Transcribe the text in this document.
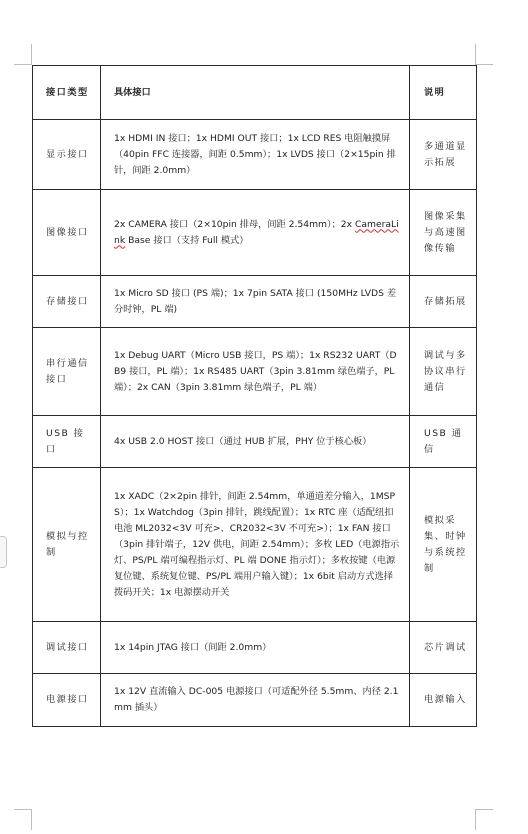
接口类型	具体接口	说明
显示接口	1x HDMI IN 接口；1x HDMI OUT 接口；1x LCD RES 电阻触摸屏（40pin FFC 连接器，间距 0.5mm）；1x LVDS 接口（2×15pin 排针，间距 2.0mm）	多通道显示拓展
图像接口	2x CAMERA 接口（2×10pin 排母，间距 2.54mm）；2x CameraLink Base 接口（支持 Full 模式）	图像采集与高速图像传输
存储接口	1x Micro SD 接口 (PS 端)；1x 7pin SATA 接口 (150MHz LVDS 差分时钟，PL 端)	存储拓展
串行通信接口	1x Debug UART（Micro USB 接口，PS 端）；1x RS232 UART（DB9 接口，PL 端）；1x RS485 UART（3pin 3.81mm 绿色端子，PL 端）；2x CAN（3pin 3.81mm 绿色端子，PL 端）	调试与多协议串行通信
USB 接口	4x USB 2.0 HOST 接口（通过 HUB 扩展，PHY 位于核心板）	USB 通信
模拟与控制	1x XADC（2×2pin 排针，间距 2.54mm，单通道差分输入，1MSPS）；1x Watchdog（3pin 排针，跳线配置）；1x RTC 座（适配纽扣电池 ML2032<3V 可充>、CR2032<3V 不可充>）；1x FAN 接口（3pin 排针端子，12V 供电，间距 2.54mm）；多枚 LED（电源指示灯、PS/PL 端可编程指示灯、PL 端 DONE 指示灯）；多枚按键（电源复位键、系统复位键、PS/PL 端用户输入键）；1x 6bit 启动方式选择拨码开关；1x 电源摆动开关	模拟采集、时钟与系统控制
调试接口	1x 14pin JTAG 接口（间距 2.0mm）	芯片调试
电源接口	1x 12V 直流输入 DC-005 电源接口（可适配外径 5.5mm、内径 2.1mm 插头）	电源输入
